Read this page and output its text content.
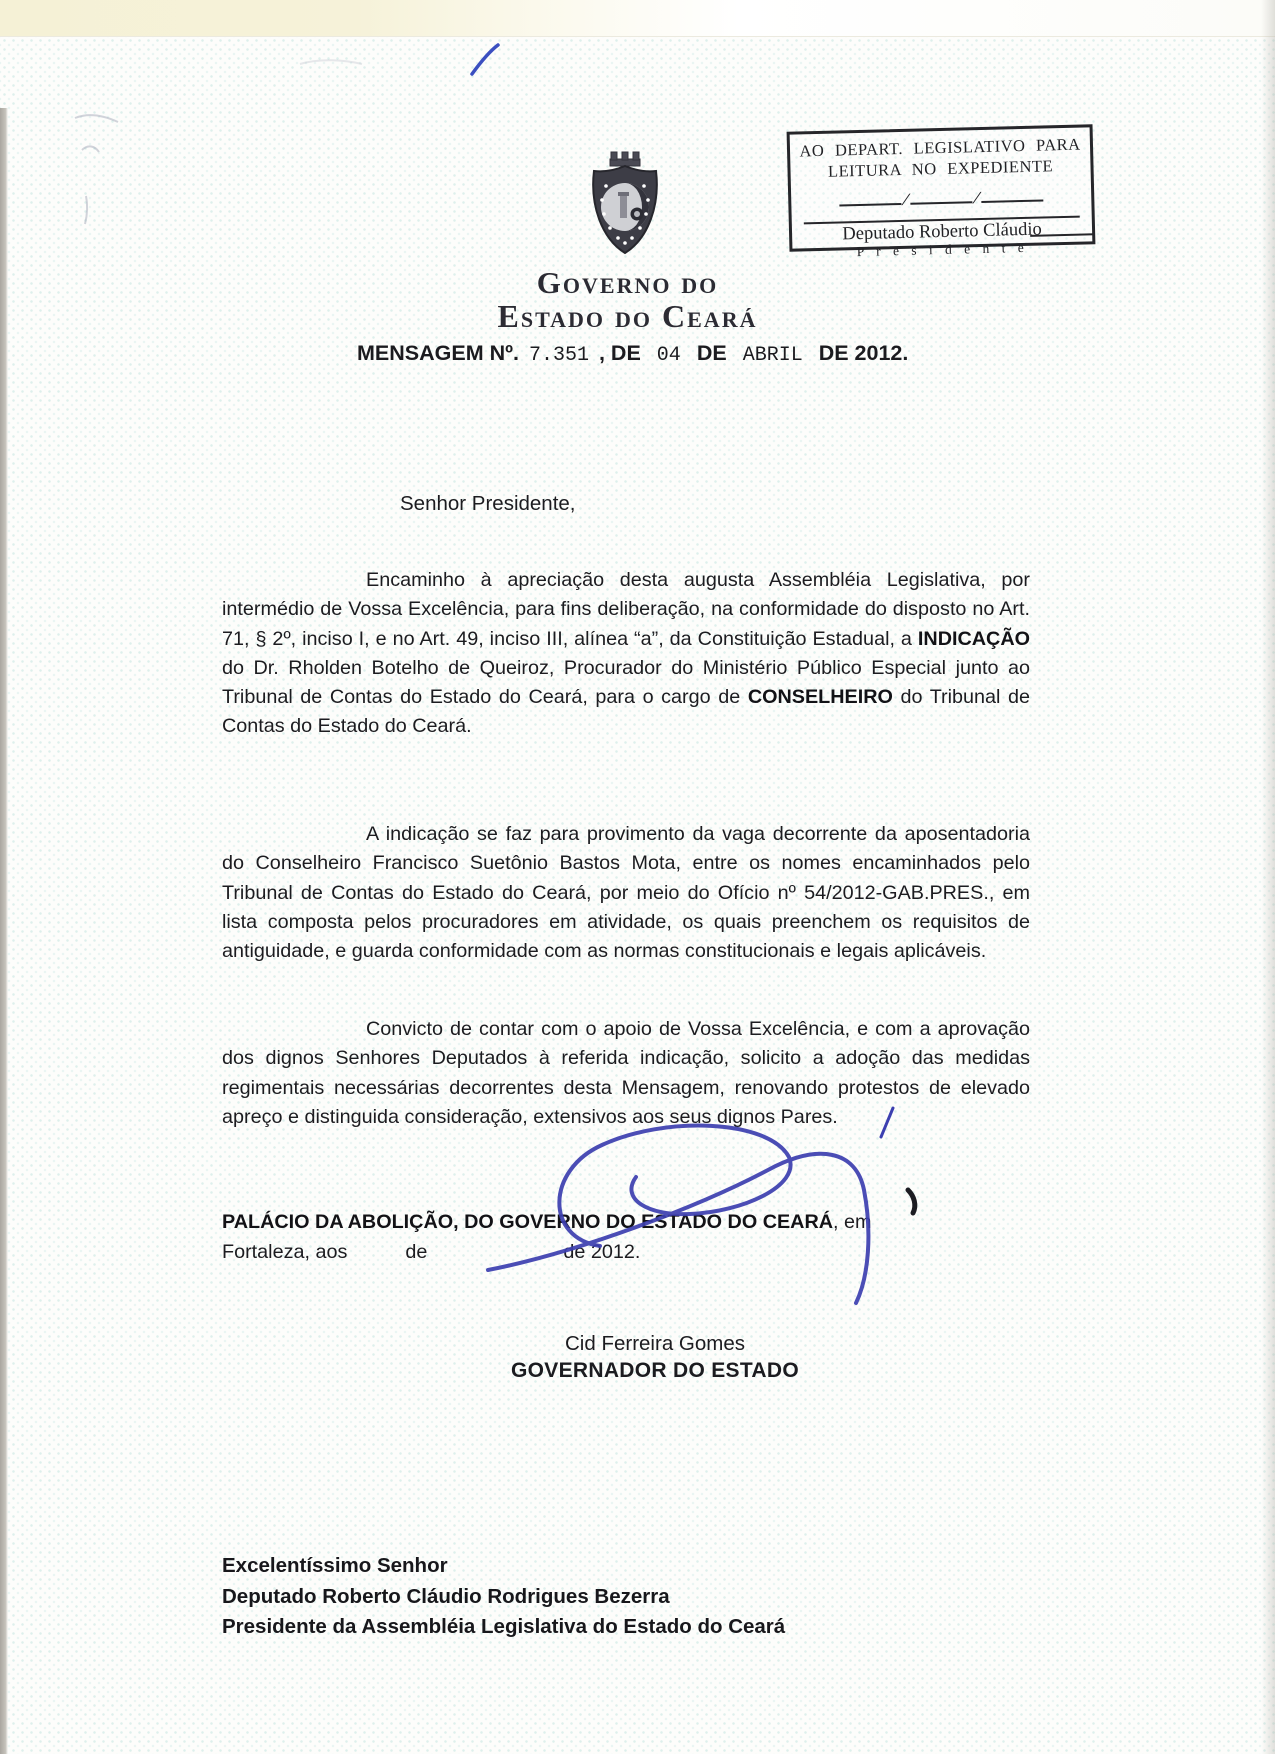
AO DEPART. LEGISLATIVO PARA
LEITURA NO EXPEDIENTE
/	/
Deputado Roberto Cláudio
P r e s i d e n t e
Governo do
Estado do Ceará
MENSAGEM Nº. 7.351 , DE 04 DE ABRIL DE 2012.
Senhor Presidente,
Encaminho à apreciação desta augusta Assembléia Legislativa, por intermédio de Vossa Excelência, para fins deliberação, na conformidade do disposto no Art. 71, § 2º, inciso I, e no Art. 49, inciso III, alínea “a”, da Constituição Estadual, a INDICAÇÃO do Dr. Rholden Botelho de Queiroz, Procurador do Ministério Público Especial junto ao Tribunal de Contas do Estado do Ceará, para o cargo de CONSELHEIRO do Tribunal de Contas do Estado do Ceará.
A indicação se faz para provimento da vaga decorrente da aposentadoria do Conselheiro Francisco Suetônio Bastos Mota, entre os nomes encaminhados pelo Tribunal de Contas do Estado do Ceará, por meio do Ofício nº 54/2012-GAB.PRES., em lista composta pelos procuradores em atividade, os quais preenchem os requisitos de antiguidade, e guarda conformidade com as normas constitucionais e legais aplicáveis.
Convicto de contar com o apoio de Vossa Excelência, e com a aprovação dos dignos Senhores Deputados à referida indicação, solicito a adoção das medidas regimentais necessárias decorrentes desta Mensagem, renovando protestos de elevado apreço e distinguida consideração, extensivos aos seus dignos Pares.
PALÁCIO DA ABOLIÇÃO, DO GOVERNO DO ESTADO DO CEARÁ, em
Fortaleza, aos	de	de 2012.
Cid Ferreira Gomes
GOVERNADOR DO ESTADO
Excelentíssimo Senhor
Deputado Roberto Cláudio Rodrigues Bezerra
Presidente da Assembléia Legislativa do Estado do Ceará
